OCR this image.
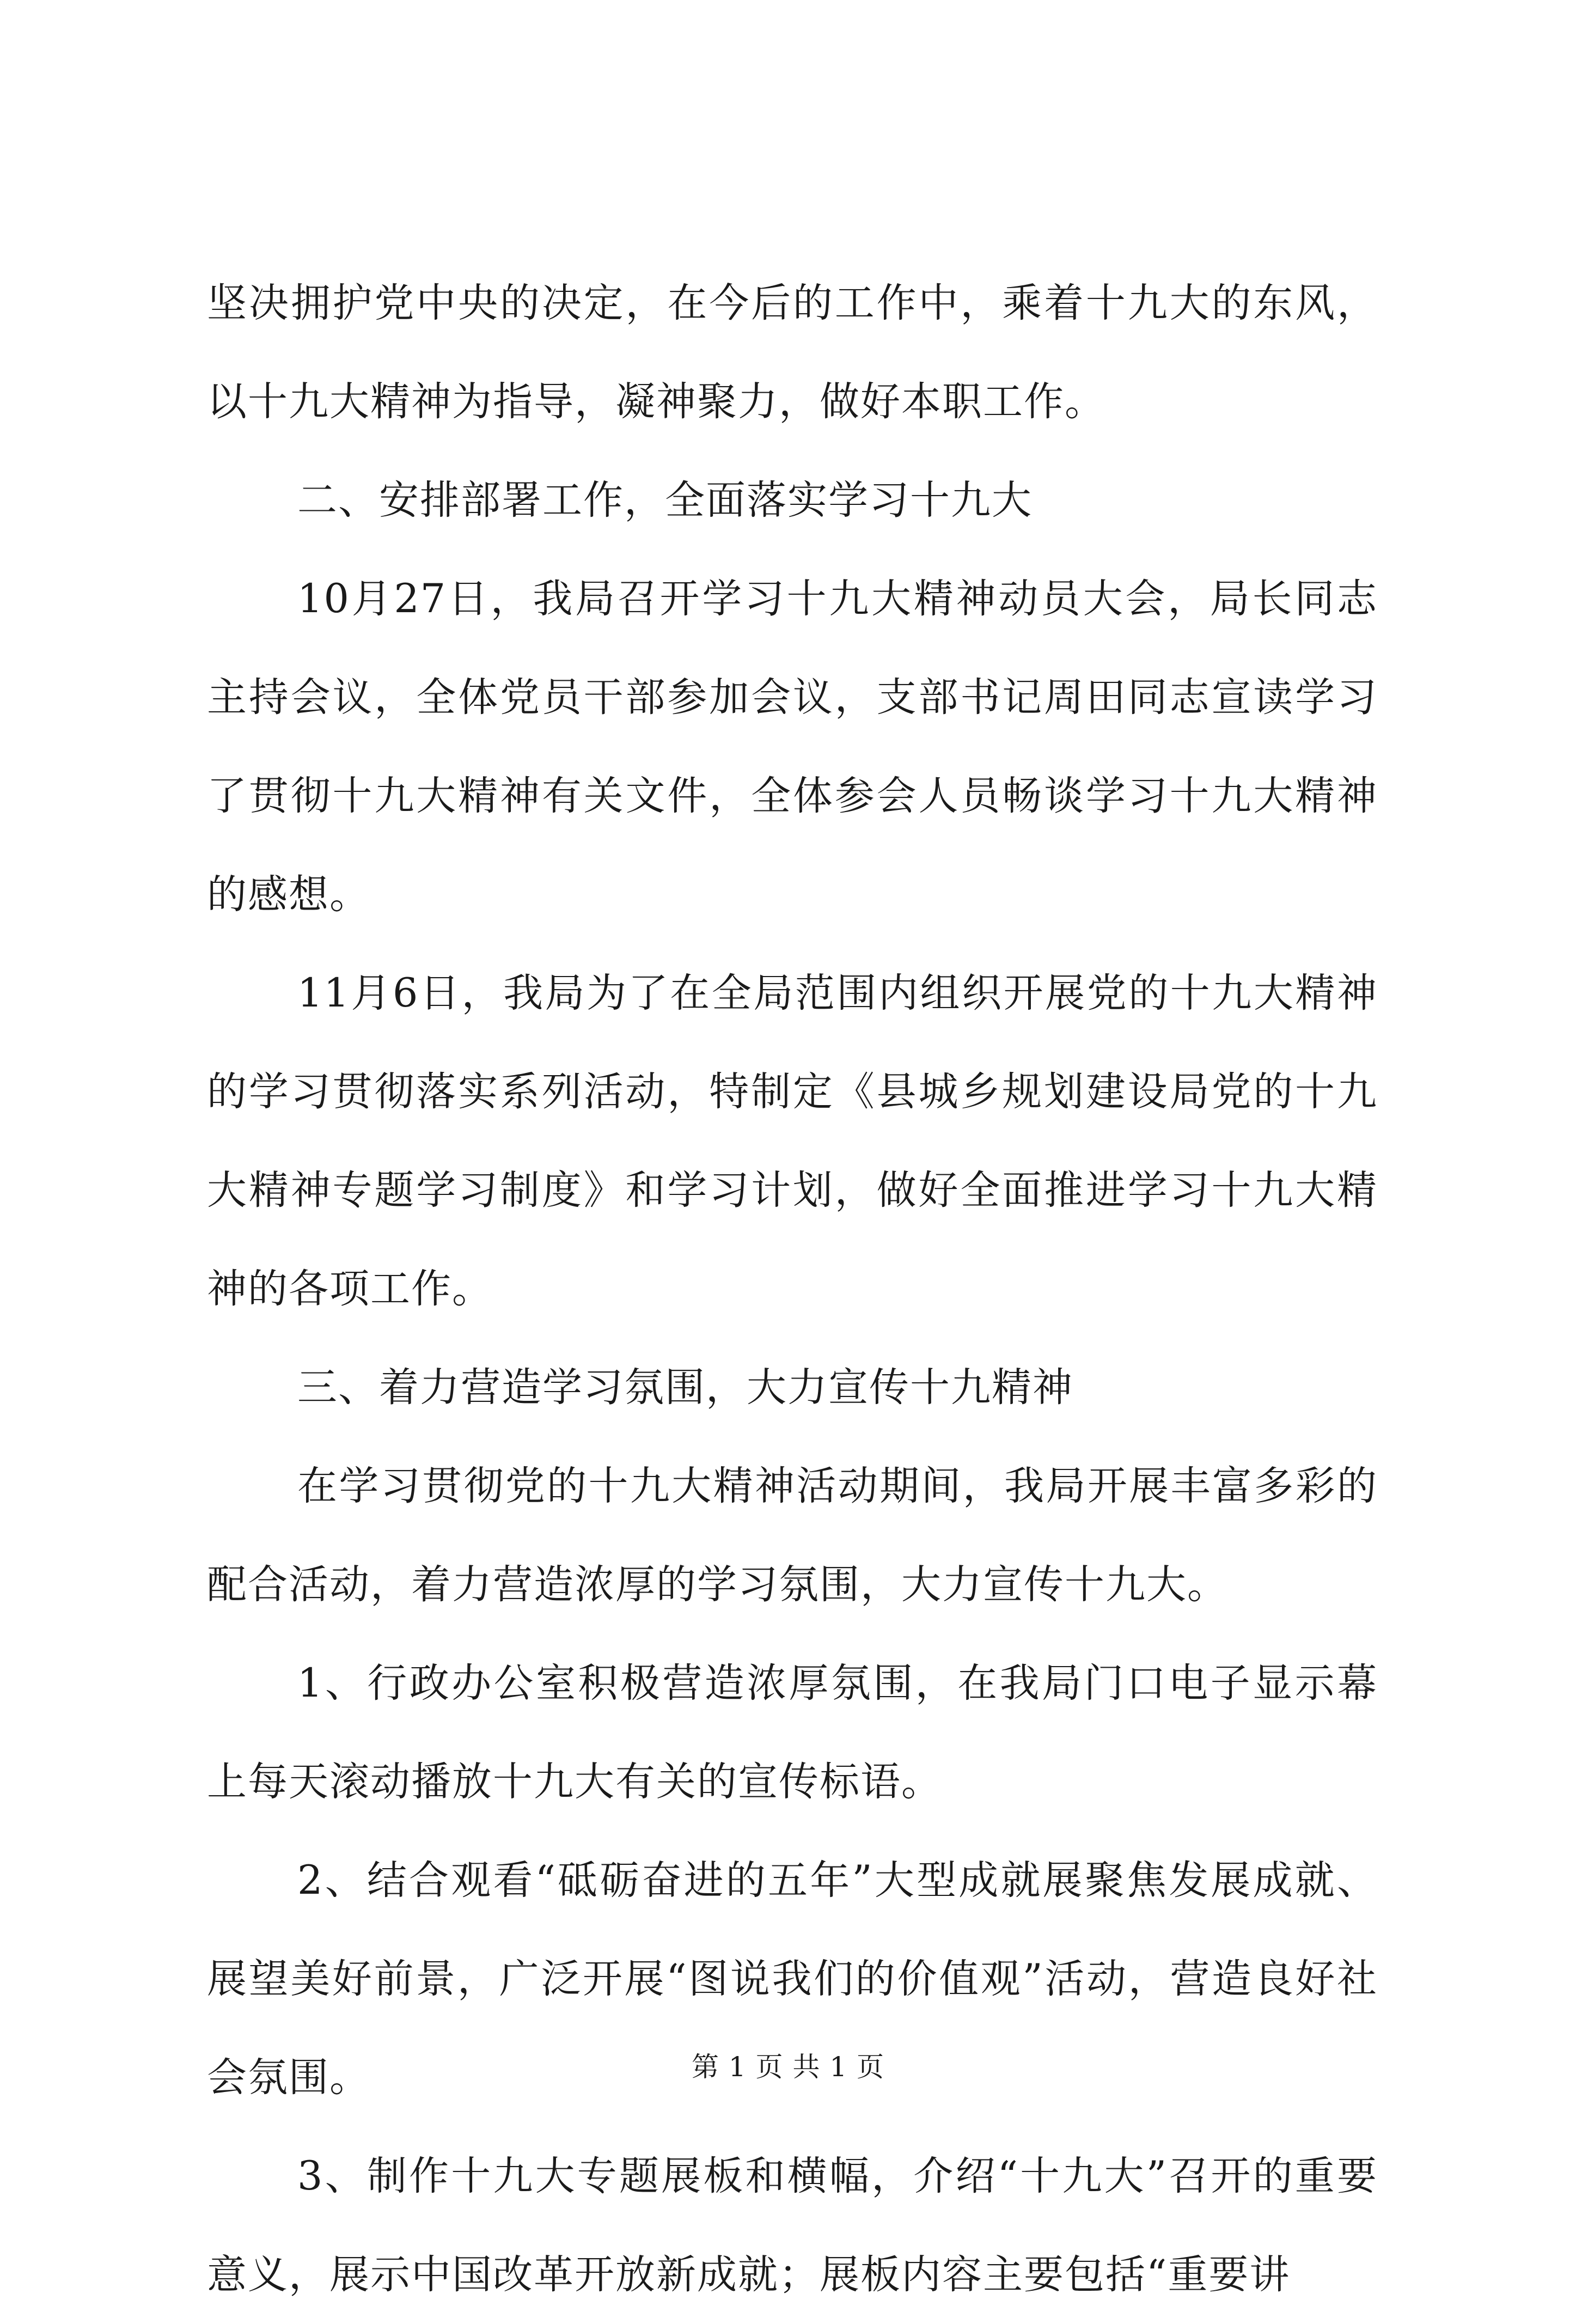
坚决拥护党中央的决定，在今后的工作中，乘着十九大的东风，以十九大精神为指导，凝神聚力，做好本职工作。

二、安排部署工作，全面落实学习十九大

10月27日，我局召开学习十九大精神动员大会，局长同志主持会议，全体党员干部参加会议，支部书记周田同志宣读学习了贯彻十九大精神有关文件，全体参会人员畅谈学习十九大精神的感想。

11月6日，我局为了在全局范围内组织开展党的十九大精神的学习贯彻落实系列活动，特制定《县城乡规划建设局党的十九大精神专题学习制度》和学习计划，做好全面推进学习十九大精神的各项工作。

三、着力营造学习氛围，大力宣传十九精神

在学习贯彻党的十九大精神活动期间，我局开展丰富多彩的配合活动，着力营造浓厚的学习氛围，大力宣传十九大。

1、行政办公室积极营造浓厚氛围，在我局门口电子显示幕上每天滚动播放十九大有关的宣传标语。

2、结合观看“砥砺奋进的五年”大型成就展聚焦发展成就、展望美好前景，广泛开展“图说我们的价值观”活动，营造良好社会氛围。

3、制作十九大专题展板和横幅，介绍“十九大”召开的重要意义，展示中国改革开放新成就；展板内容主要包括“重要讲

第 1 页 共 1 页
